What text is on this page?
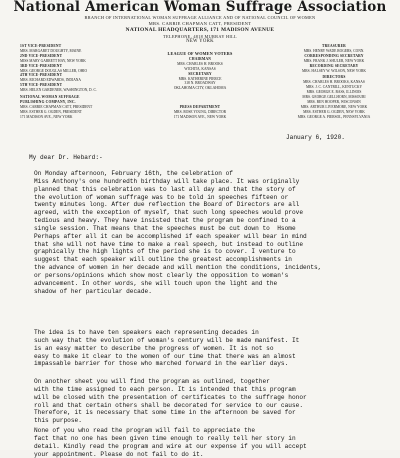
National American Woman Suffrage Association
BRANCH OF INTERNATIONAL WOMAN SUFFRAGE ALLIANCE AND OF NATIONAL COUNCIL OF WOMEN
MRS. CARRIE CHAPMAN CATT, PRESIDENT
NATIONAL HEADQUARTERS, 171 MADISON AVENUE
TELEPHONE, 4818 MURRAY HILL
NEW YORK
1ST VICE-PRESIDENT
MRS. MARGARET DOUGHTY, MAINE
2ND VICE-PRESIDENT
MISS MARY GARRETT HAY, NEW YORK
3RD VICE-PRESIDENT
MRS. GEORGE DOUGLAS MILLER, OHIO
4TH VICE-PRESIDENT
MRS. RICHARD EDWARDS, INDIANA
5TH VICE-PRESIDENT
MRS. HELEN GARDENER, WASHINGTON, D. C.
NATIONAL WOMAN SUFFRAGE
PUBLISHING COMPANY, INC.
MRS. CARRIE CHAPMAN CATT, PRESIDENT
MRS. ESTHER G. OGDEN, PRESIDENT
171 MADISON AVE., NEW YORK
LEAGUE OF WOMEN VOTERS
CHAIRMAN
MRS. CHARLES H. BROOKS
WICHITA, KANSAS
SECRETARY
MRS. KATHERINE PIERCE
318 N. BROADWAY
OKLAHOMA CITY, OKLAHOMA
PRESS DEPARTMENT
MRS. ROSE YOUNG, DIRECTOR
171 MADISON AVE., NEW YORK
TREASURER
MRS. HENRY WADE ROGERS, CONN.
CORRESPONDING SECRETARY
MRS. FRANK J. SHULER, NEW YORK
RECORDING SECRETARY
MRS. HALSEY W. WILSON, NEW YORK
DIRECTORS
MRS. CHARLES H. BROOKS, KANSAS
MRS. J. C. CANTRILL, KENTUCKY
MRS. GEORGE E. BASS, ILLINOIS
MRS. GEORGE GELLHORN, MISSOURI
MRS. BEN HOOPER, WISCONSIN
MRS. ARTHUR LIVERMORE, NEW YORK
MRS. ESTHER G. OGDEN, NEW YORK
MRS. GEORGE A. PIERSOL, PENNSYLVANIA
January 6, 1920.
My dear Dr. Hebard:-
On Monday afternoon, February 16th, the celebration of
Miss Anthony's one hundredth birthday will take place. It was originally
planned that this celebration was to last all day and that the story of
the evolution of woman suffrage was to be told in speeches fifteen or
twenty minutes long. After due reflection the Board of Directors are all
agreed, with the exception of myself, that such long speeches would prove
tedious and heavy. They have insisted that the program be confined to a
single session. That means that the speeches must be cut down to  Hsome
Perhaps after all it can be accomplished if each speaker will bear in mind
that she will not have time to make a real speech, but instead to outline
graphically the high lights of the period she is to cover. I venture to
suggest that each speaker will outline the greatest accomplishments in
the advance of women in her decade and will mention the conditions, incidents,
or persons/opinions which show most clearly the opposition to woman's
advancement. In other words, she will touch upon the light and the
shadow of her particular decade.
The idea is to have ten speakers each representing decades in
such way that the evolution of woman's century will be made manifest. It
is an easy matter to describe the progress of women. It is not so
easy to make it clear to the women of our time that there was an almost
impassable barrier for those who marched forward in the earlier days.
On another sheet you will find the program as outlined, together
with the time assigned to each person. It is intended that this program
will be closed with the presentation of certificates to the suffrage honor
roll and that certain others shall be decorated for service to our cause.
Therefore, it is necessary that some time in the afternoon be saved for
this purpose.
None of you who read the program will fail to appreciate the
fact that no one has been given time enough to really tell her story in
detail. Kindly read the program and wire at our expense if you will accept
your appointment. Please do not fail to do it.
